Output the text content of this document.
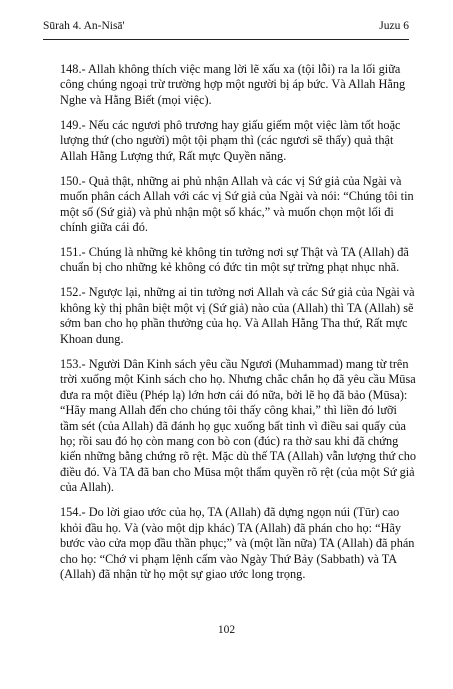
Sūrah 4. An-Nisā'	Juzu 6

148.- Allah không thích việc mang lời lẽ xấu xa (tội lỗi) ra la lối giữa công chúng ngoại trừ trường hợp một người bị áp bức. Và Allah Hằng Nghe và Hằng Biết (mọi việc).

149.- Nếu các ngươi phô trương hay giấu giếm một việc làm tốt hoặc lượng thứ (cho người) một tội phạm thì (các ngươi sẽ thấy) quả thật Allah Hằng Lượng thứ, Rất mực Quyền năng.

150.- Quả thật, những ai phủ nhận Allah và các vị Sứ giả của Ngài và muốn phân cách Allah với các vị Sứ giả của Ngài và nói: “Chúng tôi tin một số (Sứ giả) và phủ nhận một số khác,” và muốn chọn một lối đi chính giữa cái đó.

151.- Chúng là những kẻ không tin tưởng nơi sự Thật và TA (Allah) đã chuẩn bị cho những kẻ không có đức tin một sự trừng phạt nhục nhã.

152.- Ngược lại, những ai tin tưởng nơi Allah và các Sứ giả của Ngài và không kỳ thị phân biệt một vị (Sứ giả) nào của (Allah) thì TA (Allah) sẽ sớm ban cho họ phần thưởng của họ. Và Allah Hằng Tha thứ, Rất mực Khoan dung.

153.- Người Dân Kinh sách yêu cầu Ngươi (Muhammad) mang từ trên trời xuống một Kinh sách cho họ. Nhưng chắc chắn họ đã yêu cầu Mūsa đưa ra một điều (Phép lạ) lớn hơn cái đó nữa, bởi lẽ họ đã bảo (Mūsa): “Hãy mang Allah đến cho chúng tôi thấy công khai,” thì liền đó lưỡi tầm sét (của Allah) đã đánh họ gục xuống bất tỉnh vì điều sai quấy của họ; rồi sau đó họ còn mang con bò con (đúc) ra thờ sau khi đã chứng kiến những bằng chứng rõ rệt. Mặc dù thế TA (Allah) vẫn lượng thứ cho điều đó. Và TA đã ban cho Mūsa một thẩm quyền rõ rệt (của một Sứ giả của Allah).

154.- Do lời giao ước của họ, TA (Allah) đã dựng ngọn núi (Tūr) cao khỏi đầu họ. Và (vào một dịp khác) TA (Allah) đã phán cho họ: “Hãy bước vào cửa mọp đầu thần phục;” và (một lần nữa) TA (Allah) đã phán cho họ: “Chớ vi phạm lệnh cấm vào Ngày Thứ Bảy (Sabbath) và TA (Allah) đã nhận từ họ một sự giao ước long trọng.

102
